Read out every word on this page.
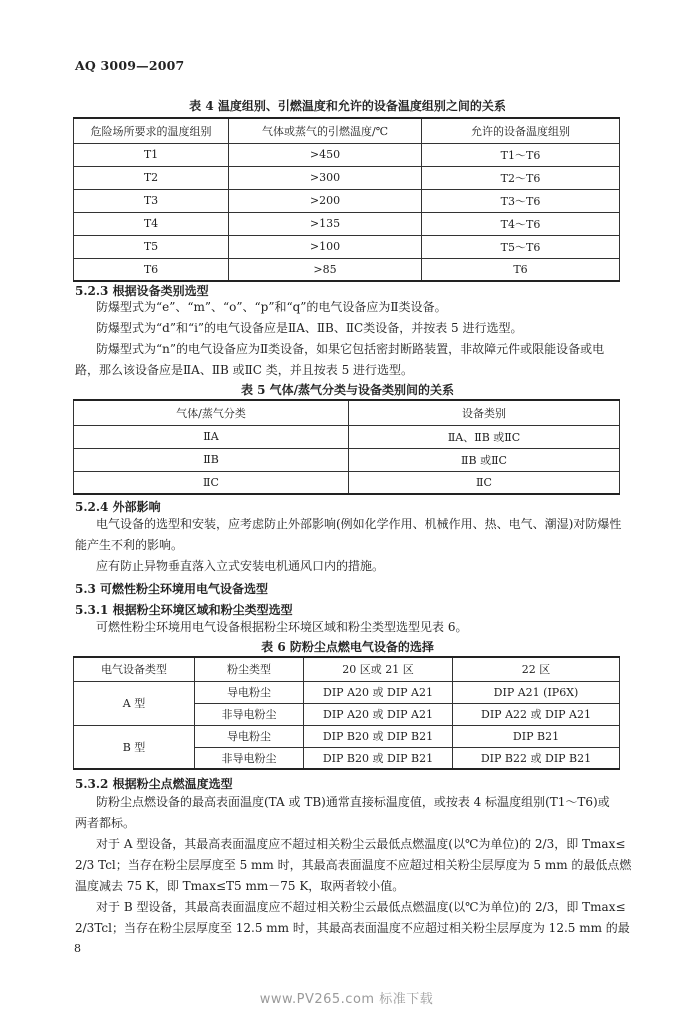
AQ 3009—2007
表 4 温度组别、引燃温度和允许的设备温度组别之间的关系
危险场所要求的温度组别	气体或蒸气的引燃温度/℃	允许的设备温度组别
T1	>450	T1～T6
T2	>300	T2～T6
T3	>200	T3～T6
T4	>135	T4～T6
T5	>100	T5～T6
T6	>85	T6
5.2.3 根据设备类别选型
防爆型式为“e”、“m”、“o”、“p”和“q”的电气设备应为Ⅱ类设备。
防爆型式为“d”和“i”的电气设备应是ⅡA、ⅡB、ⅡC类设备，并按表 5 进行选型。
防爆型式为“n”的电气设备应为Ⅱ类设备，如果它包括密封断路装置，非故障元件或限能设备或电
路，那么该设备应是ⅡA、ⅡB 或ⅡC 类，并且按表 5 进行选型。
表 5 气体/蒸气分类与设备类别间的关系
气体/蒸气分类	设备类别
ⅡA	ⅡA、ⅡB 或ⅡC
ⅡB	ⅡB 或ⅡC
ⅡC	ⅡC
5.2.4 外部影响
电气设备的选型和安装，应考虑防止外部影响(例如化学作用、机械作用、热、电气、潮湿)对防爆性
能产生不利的影响。
应有防止异物垂直落入立式安装电机通风口内的措施。
5.3 可燃性粉尘环境用电气设备选型
5.3.1 根据粉尘环境区域和粉尘类型选型
可燃性粉尘环境用电气设备根据粉尘环境区域和粉尘类型选型见表 6。
表 6 防粉尘点燃电气设备的选择
电气设备类型	粉尘类型	20 区或 21 区	22 区
A 型	导电粉尘	DIP A20 或 DIP A21	DIP A21 (IP6X)
	非导电粉尘	DIP A20 或 DIP A21	DIP A22 或 DIP A21
B 型	导电粉尘	DIP B20 或 DIP B21	DIP B21
	非导电粉尘	DIP B20 或 DIP B21	DIP B22 或 DIP B21
5.3.2 根据粉尘点燃温度选型
防粉尘点燃设备的最高表面温度(TA 或 TB)通常直接标温度值，或按表 4 标温度组别(T1～T6)或
两者都标。
对于 A 型设备，其最高表面温度应不超过相关粉尘云最低点燃温度(以℃为单位)的 2/3，即 Tmax≤
2/3 Tcl；当存在粉尘层厚度至 5 mm 时，其最高表面温度不应超过相关粉尘层厚度为 5 mm 的最低点燃
温度减去 75 K，即 Tmax≤T5 mm－75 K，取两者较小值。
对于 B 型设备，其最高表面温度应不超过相关粉尘云最低点燃温度(以℃为单位)的 2/3，即 Tmax≤
2/3Tcl；当存在粉尘层厚度至 12.5 mm 时，其最高表面温度不应超过相关粉尘层厚度为 12.5 mm 的最
8
www.PV265.com 标准下载
